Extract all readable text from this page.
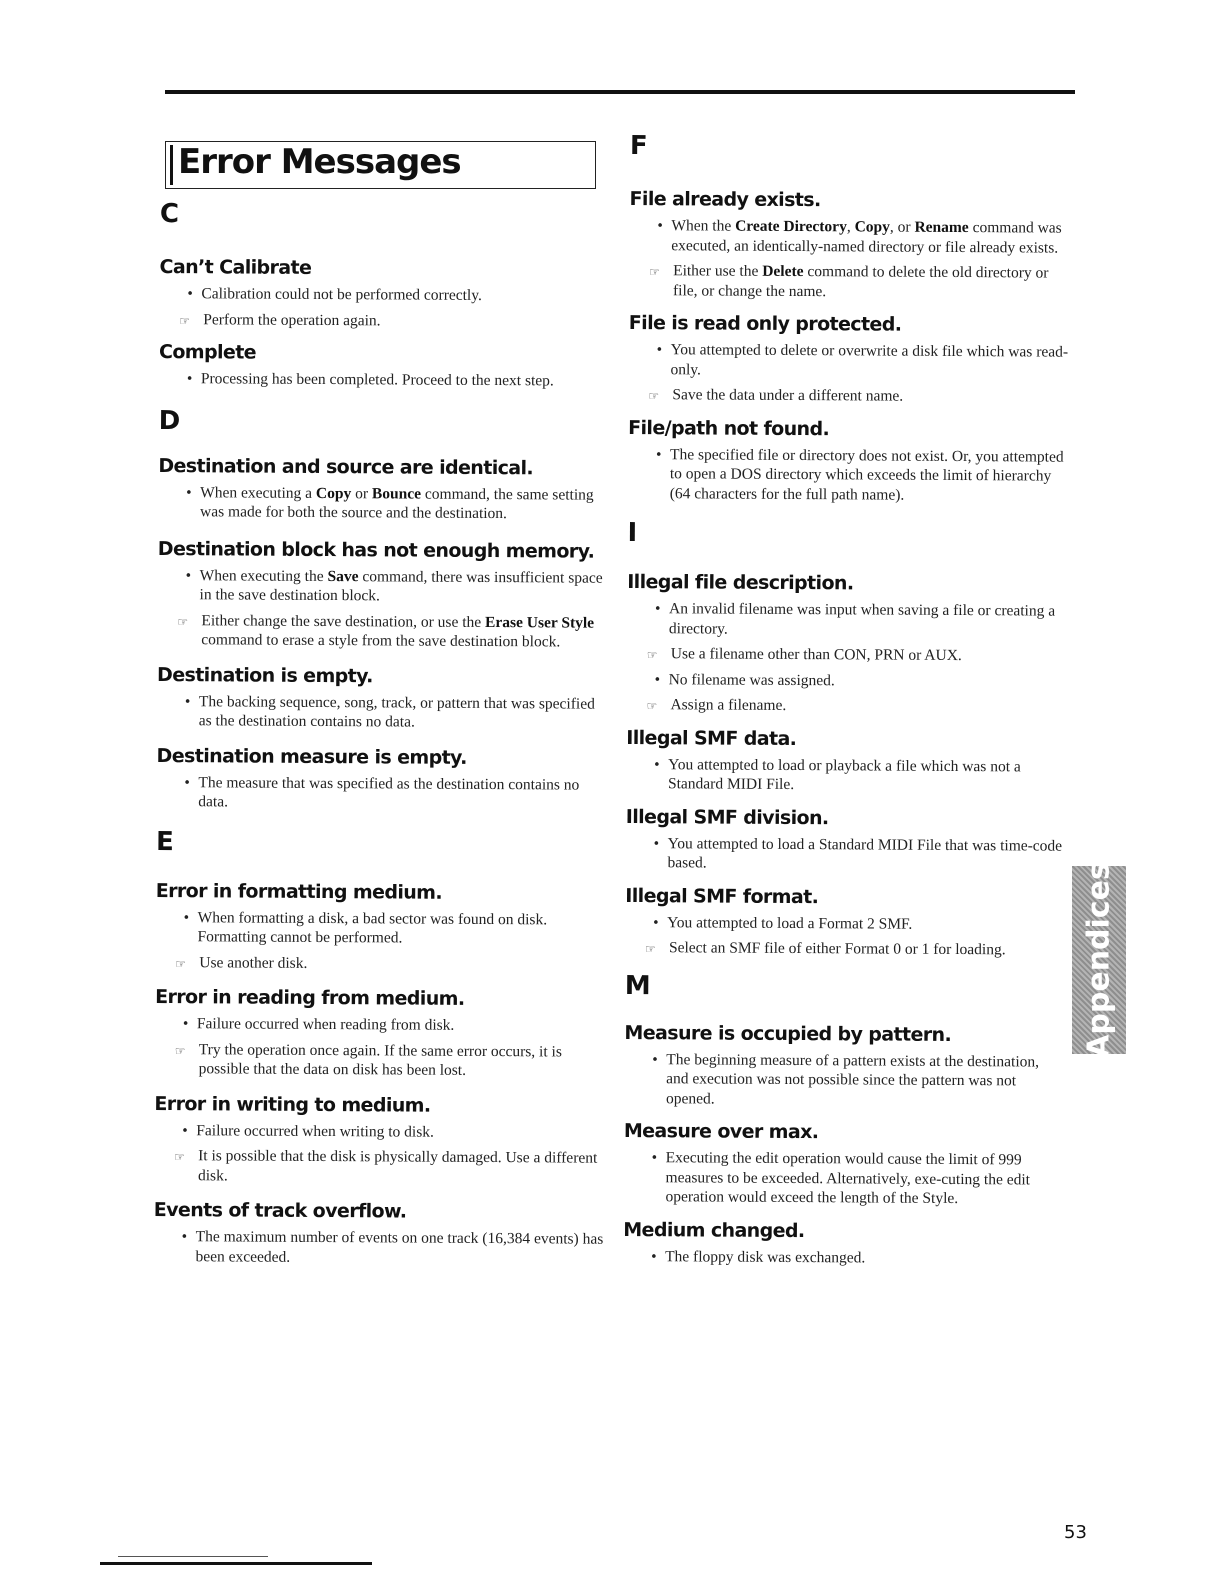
Error Messages
C
Can’t Calibrate
• Calibration could not be performed correctly.
☞ Perform the operation again.
Complete
• Processing has been completed. Proceed to the next step.
D
Destination and source are identical.
• When executing a Copy or Bounce command, the same setting was made for both the source and the destination.
Destination block has not enough memory.
• When executing the Save command, there was insufficient space in the save destination block.
☞ Either change the save destination, or use the Erase User Style command to erase a style from the save destination block.
Destination is empty.
• The backing sequence, song, track, or pattern that was specified as the destination contains no data.
Destination measure is empty.
• The measure that was specified as the destination contains no data.
E
Error in formatting medium.
• When formatting a disk, a bad sector was found on disk. Formatting cannot be performed.
☞ Use another disk.
Error in reading from medium.
• Failure occurred when reading from disk.
☞ Try the operation once again. If the same error occurs, it is possible that the data on disk has been lost.
Error in writing to medium.
• Failure occurred when writing to disk.
☞ It is possible that the disk is physically damaged. Use a different disk.
Events of track overflow.
• The maximum number of events on one track (16,384 events) has been exceeded.
F
File already exists.
• When the Create Directory, Copy, or Rename command was executed, an identically-named directory or file already exists.
☞ Either use the Delete command to delete the old directory or file, or change the name.
File is read only protected.
• You attempted to delete or overwrite a disk file which was read-only.
☞ Save the data under a different name.
File/path not found.
• The specified file or directory does not exist. Or, you attempted to open a DOS directory which exceeds the limit of hierarchy (64 characters for the full path name).
I
Illegal file description.
• An invalid filename was input when saving a file or creating a directory.
☞ Use a filename other than CON, PRN or AUX.
• No filename was assigned.
☞ Assign a filename.
Illegal SMF data.
• You attempted to load or playback a file which was not a Standard MIDI File.
Illegal SMF division.
• You attempted to load a Standard MIDI File that was time-code based.
Illegal SMF format.
• You attempted to load a Format 2 SMF.
☞ Select an SMF file of either Format 0 or 1 for loading.
M
Measure is occupied by pattern.
• The beginning measure of a pattern exists at the destination, and execution was not possible since the pattern was not opened.
Measure over max.
• Executing the edit operation would cause the limit of 999 measures to be exceeded. Alternatively, exe-cuting the edit operation would exceed the length of the Style.
Medium changed.
• The floppy disk was exchanged.
Appendices
53
